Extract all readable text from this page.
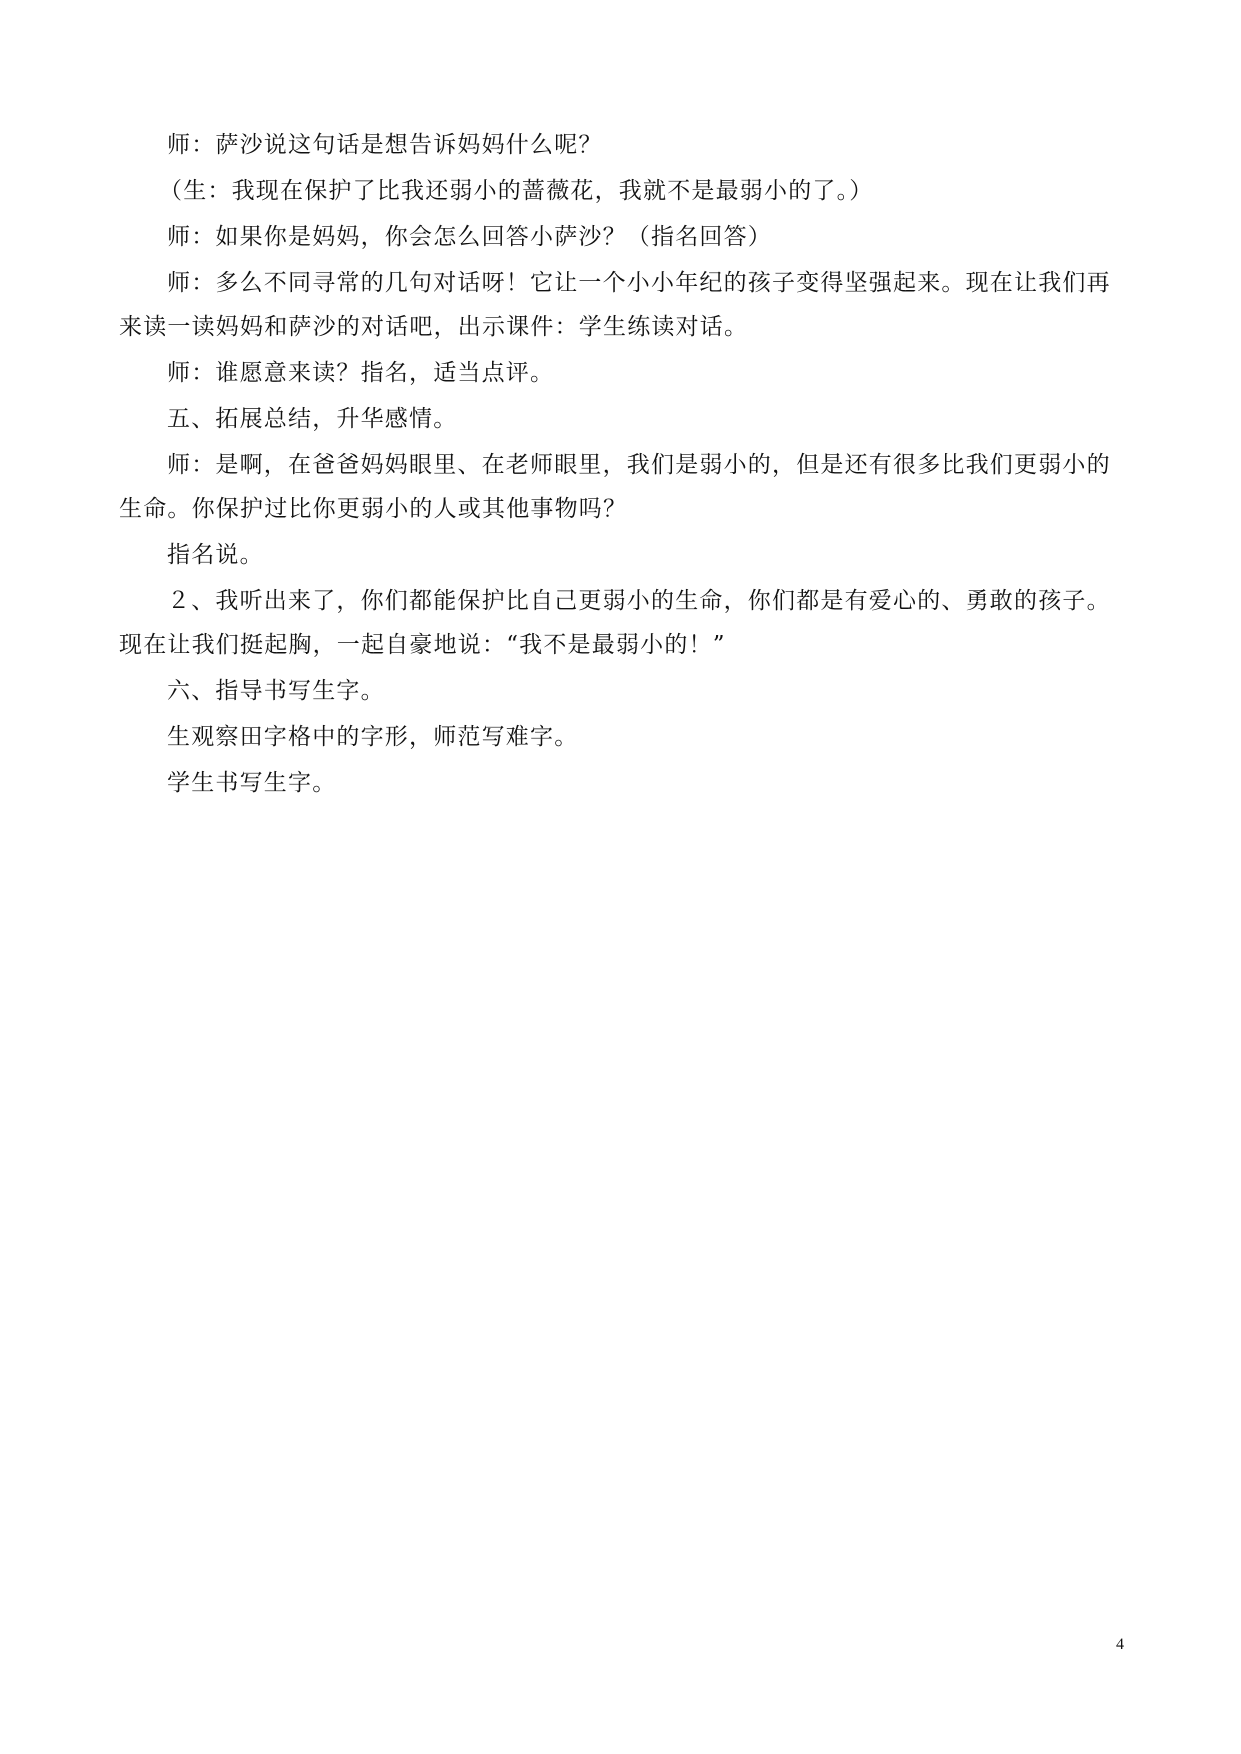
师：萨沙说这句话是想告诉妈妈什么呢？

（生：我现在保护了比我还弱小的蔷薇花，我就不是最弱小的了。）

师：如果你是妈妈，你会怎么回答小萨沙？（指名回答）

师：多么不同寻常的几句对话呀！它让一个小小年纪的孩子变得坚强起来。现在让我们再来读一读妈妈和萨沙的对话吧，出示课件：学生练读对话。

师：谁愿意来读？指名，适当点评。

五、拓展总结，升华感情。

师：是啊，在爸爸妈妈眼里、在老师眼里，我们是弱小的，但是还有很多比我们更弱小的生命。你保护过比你更弱小的人或其他事物吗？

指名说。

２、我听出来了，你们都能保护比自己更弱小的生命，你们都是有爱心的、勇敢的孩子。现在让我们挺起胸，一起自豪地说：“我不是最弱小的！”

六、指导书写生字。

生观察田字格中的字形，师范写难字。

学生书写生字。

4
